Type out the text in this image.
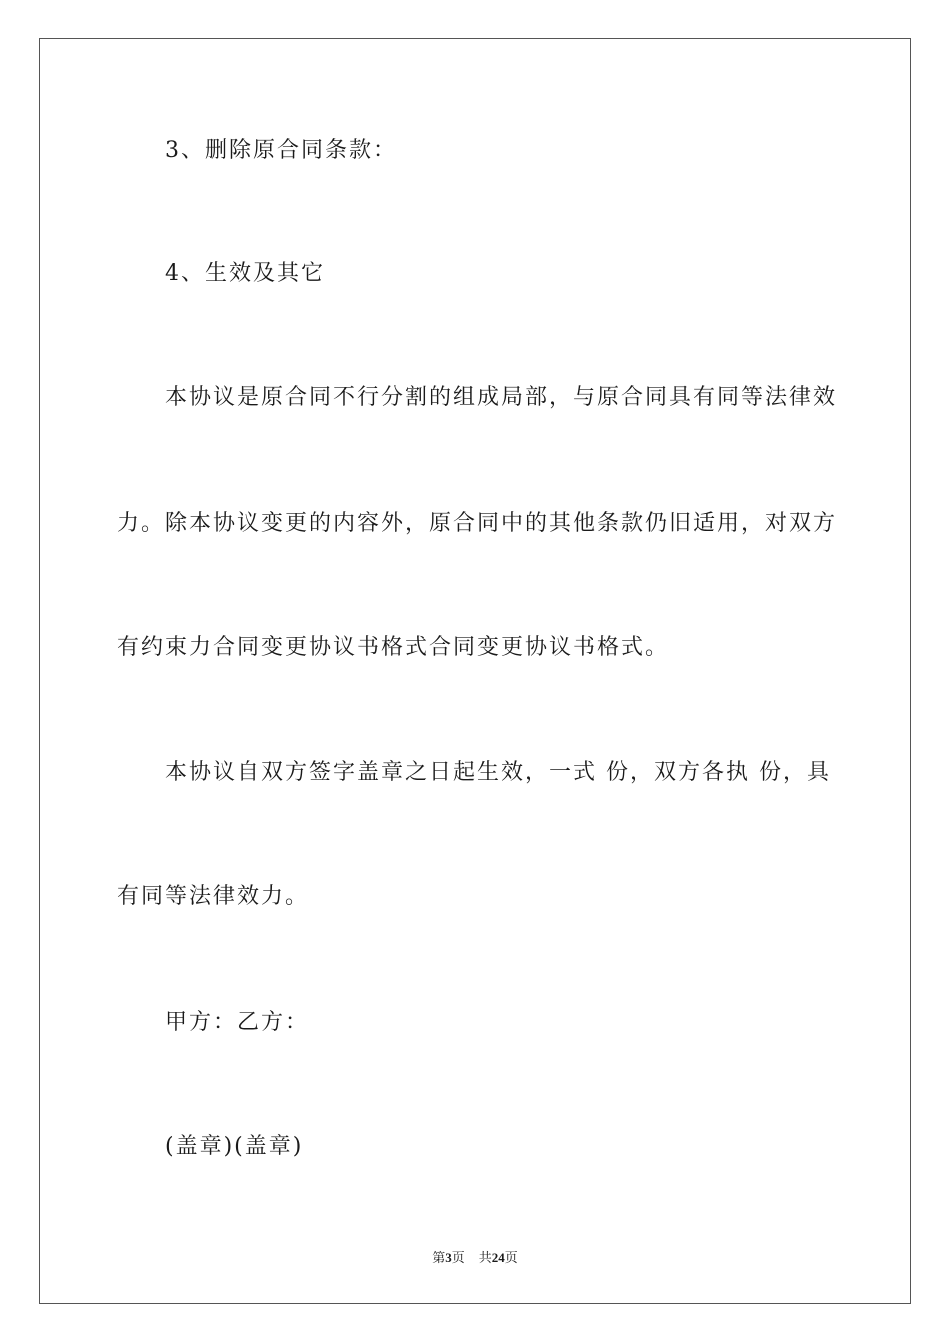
3、删除原合同条款：
4、生效及其它
本协议是原合同不行分割的组成局部，与原合同具有同等法律效
力。除本协议变更的内容外，原合同中的其他条款仍旧适用，对双方
有约束力合同变更协议书格式合同变更协议书格式。
本协议自双方签字盖章之日起生效，一式 份，双方各执 份，具
有同等法律效力。
甲方：乙方：
(盖章)(盖章)
第3页 共24页
